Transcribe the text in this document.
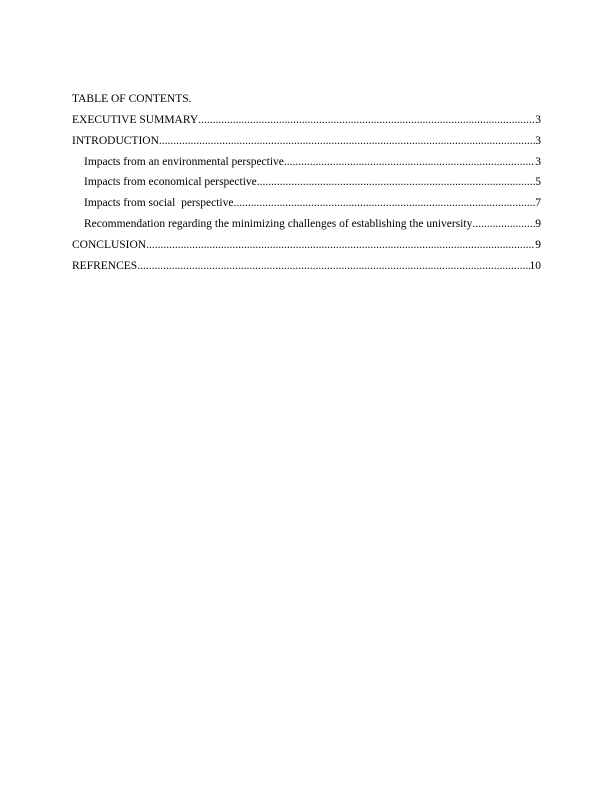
TABLE OF CONTENTS.
EXECUTIVE SUMMARY .....	3
INTRODUCTION .....	3
Impacts from an environmental perspective .....	3
Impacts from economical perspective .....	5
Impacts from social  perspective .....	7
Recommendation regarding the minimizing challenges of establishing the university .....	9
CONCLUSION .....	9
REFRENCES .....	10
